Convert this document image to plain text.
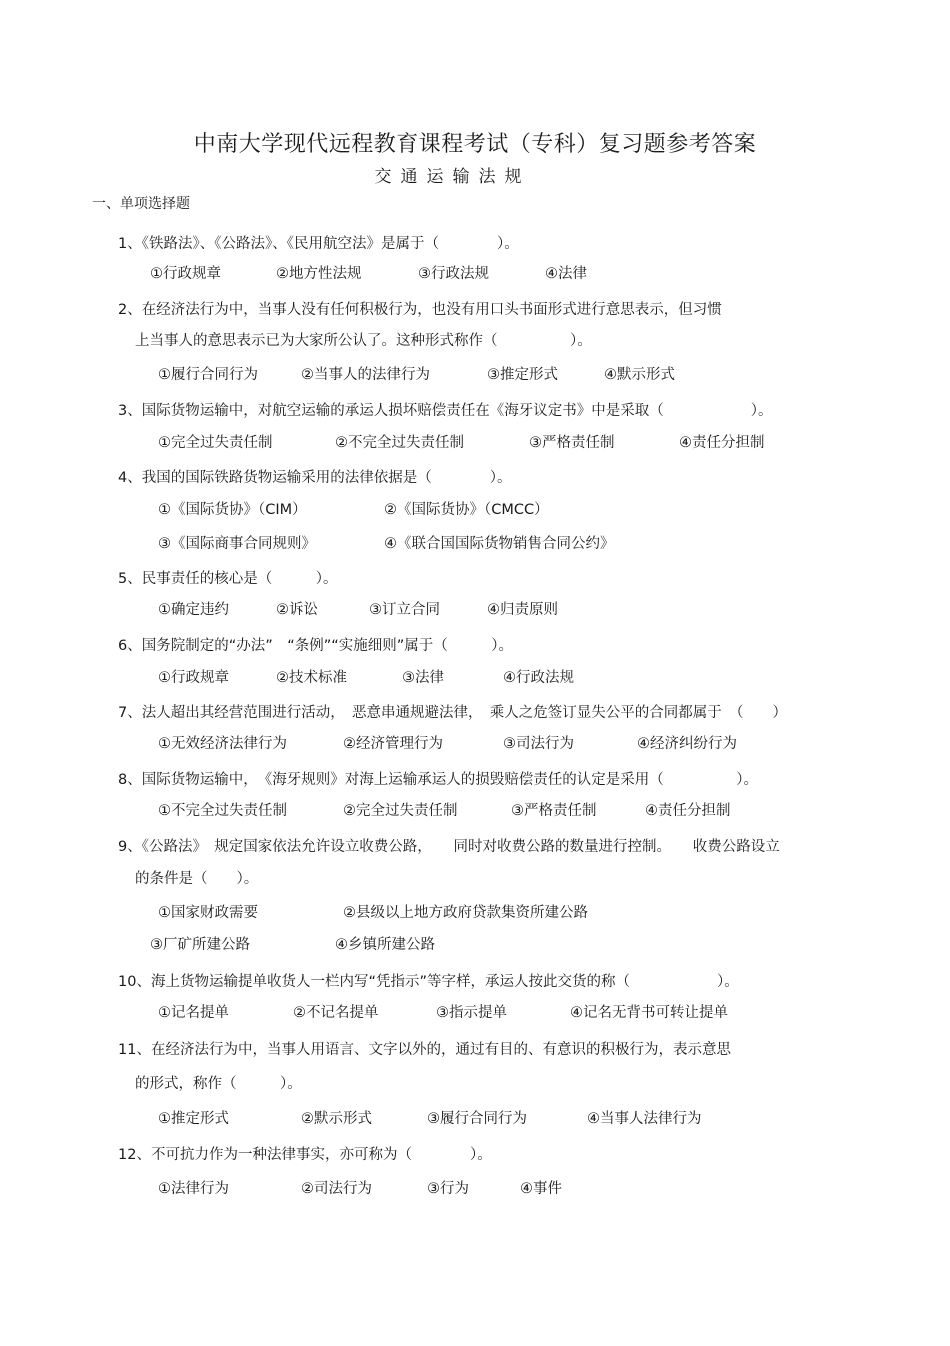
中南大学现代远程教育课程考试（专科）复习题参考答案
交通运输法规
一、单项选择题
1、《铁路法》、《公路法》、《民用航空法》是属于（　　　　）。
①行政规章	②地方性法规	③行政法规	④法律
2、在经济法行为中，当事人没有任何积极行为，也没有用口头书面形式进行意思表示，但习惯
上当事人的意思表示已为大家所公认了。这种形式称作（　　　　　）。
①履行合同行为	②当事人的法律行为	③推定形式	④默示形式
3、国际货物运输中，对航空运输的承运人损坏赔偿责任在《海牙议定书》中是采取（　　　　　　）。
①完全过失责任制	②不完全过失责任制	③严格责任制	④责任分担制
4、我国的国际铁路货物运输采用的法律依据是（　　　　）。
①《国际货协》（CIM）	②《国际货协》（CMCC）
③《国际商事合同规则》	④《联合国国际货物销售合同公约》
5、民事责任的核心是（　　　）。
①确定违约	②诉讼	③订立合同	④归责原则
6、国务院制定的“办法”　“条例”“实施细则”属于（　　　）。
①行政规章	②技术标准	③法律	④行政法规
7、法人超出其经营范围进行活动，　恶意串通规避法律，　乘人之危签订显失公平的合同都属于　（　　）
①无效经济法律行为	②经济管理行为	③司法行为	④经济纠纷行为
8、国际货物运输中，　《海牙规则》对海上运输承运人的损毁赔偿责任的认定是采用（　　　　　）。
①不完全过失责任制	②完全过失责任制	③严格责任制	④责任分担制
9、《公路法》　规定国家依法允许设立收费公路，　　同时对收费公路的数量进行控制。　　收费公路设立
的条件是（　　）。
①国家财政需要	②县级以上地方政府贷款集资所建公路
③厂矿所建公路	④乡镇所建公路
10、海上货物运输提单收货人一栏内写“凭指示”等字样，承运人按此交货的称（　　　　　　）。
①记名提单	②不记名提单	③指示提单	④记名无背书可转让提单
11、在经济法行为中，当事人用语言、文字以外的，通过有目的、有意识的积极行为，表示意思
的形式，称作（　　　）。
①推定形式	②默示形式	③履行合同行为	④当事人法律行为
12、不可抗力作为一种法律事实，亦可称为（　　　　）。
①法律行为	②司法行为	③行为	④事件
